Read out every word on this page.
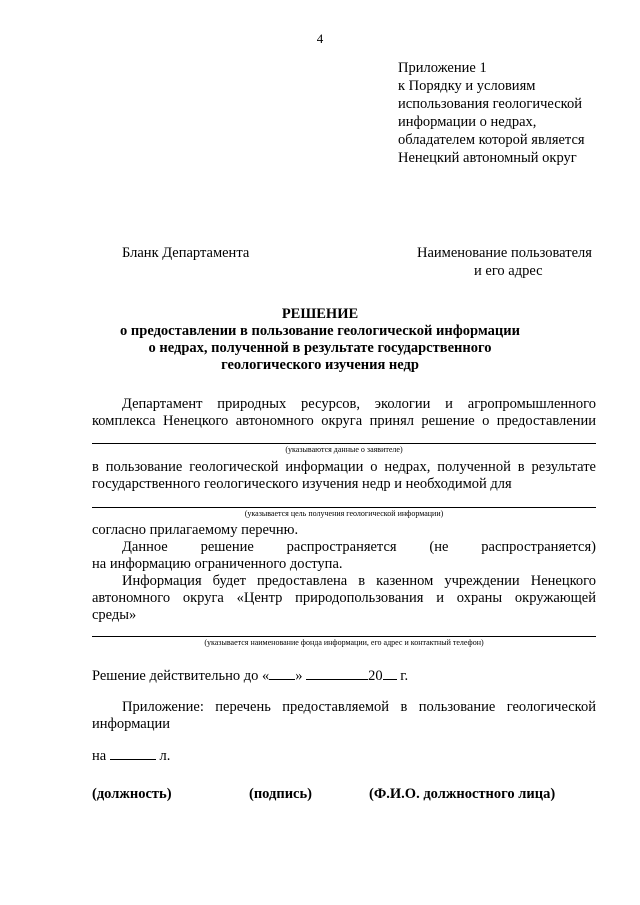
4
Приложение 1
к Порядку и условиям
использования геологической
информации о недрах,
обладателем которой является
Ненецкий автономный округ
Бланк Департамента	Наименование пользователя
и его адрес
РЕШЕНИЕ
о предоставлении в пользование геологической информации
о недрах, полученной в результате государственного
геологического изучения недр
Департамент природных ресурсов, экологии и агропромышленного
комплекса Ненецкого автономного округа принял решение о предоставлении
(указываются данные о заявителе)
в пользование геологической информации о недрах, полученной в результате
государственного геологического изучения недр и необходимой для
(указывается цель получения геологической информации)
согласно прилагаемому перечню.
Данное решение распространяется (не распространяется)
на информацию ограниченного доступа.
Информация будет предоставлена в казенном учреждении Ненецкого
автономного округа «Центр природопользования и охраны окружающей
среды»
(указывается наименование фонда информации, его адрес и контактный телефон)
Решение действительно до « »	20 г.
Приложение: перечень предоставляемой в пользование геологической
информации
на	л.
(должность)	(подпись)	(Ф.И.О. должностного лица)
